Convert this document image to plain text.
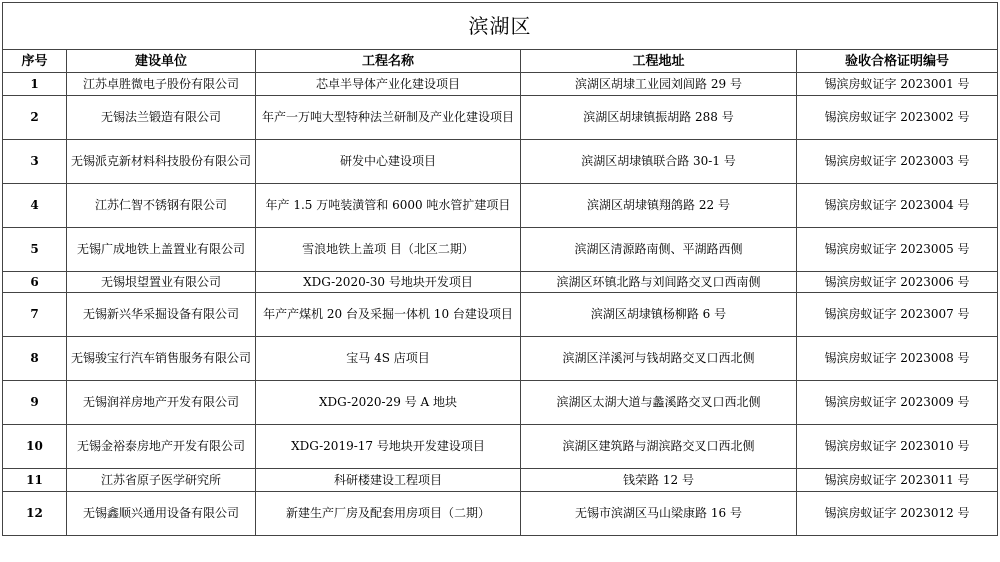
滨湖区				
序号	建设单位	工程名称	工程地址	验收合格证明编号
1	江苏卓胜微电子股份有限公司	芯卓半导体产业化建设项目	滨湖区胡埭工业园刘闾路 29 号	锡滨房蚁证字 2023001 号
2	无锡法兰锻造有限公司	年产一万吨大型特种法兰研制及产业化建设项目	滨湖区胡埭镇振胡路 288 号	锡滨房蚁证字 2023002 号
3	无锡派克新材料科技股份有限公司	研发中心建设项目	滨湖区胡埭镇联合路 30-1 号	锡滨房蚁证字 2023003 号
4	江苏仁智不锈钢有限公司	年产 1.5 万吨装潢管和 6000 吨水管扩建项目	滨湖区胡埭镇翔鸽路 22 号	锡滨房蚁证字 2023004 号
5	无锡广成地铁上盖置业有限公司	雪浪地铁上盖项 目（北区二期）	滨湖区清源路南侧、平湖路西侧	锡滨房蚁证字 2023005 号
6	无锡垠望置业有限公司	XDG-2020-30 号地块开发项目	滨湖区环镇北路与刘闾路交叉口西南侧	锡滨房蚁证字 2023006 号
7	无锡新兴华采掘设备有限公司	年产产煤机 20 台及采掘一体机 10 台建设项目	滨湖区胡埭镇杨柳路 6 号	锡滨房蚁证字 2023007 号
8	无锡骏宝行汽车销售服务有限公司	宝马 4S 店项目	滨湖区洋溪河与钱胡路交叉口西北侧	锡滨房蚁证字 2023008 号
9	无锡润祥房地产开发有限公司	XDG-2020-29 号 A 地块	滨湖区太湖大道与蠡溪路交叉口西北侧	锡滨房蚁证字 2023009 号
10	无锡金裕泰房地产开发有限公司	XDG-2019-17 号地块开发建设项目	滨湖区建筑路与湖滨路交叉口西北侧	锡滨房蚁证字 2023010 号
11	江苏省原子医学研究所	科研楼建设工程项目	钱荣路 12 号	锡滨房蚁证字 2023011 号
12	无锡鑫顺兴通用设备有限公司	新建生产厂房及配套用房项目（二期）	无锡市滨湖区马山梁康路 16 号	锡滨房蚁证字 2023012 号
